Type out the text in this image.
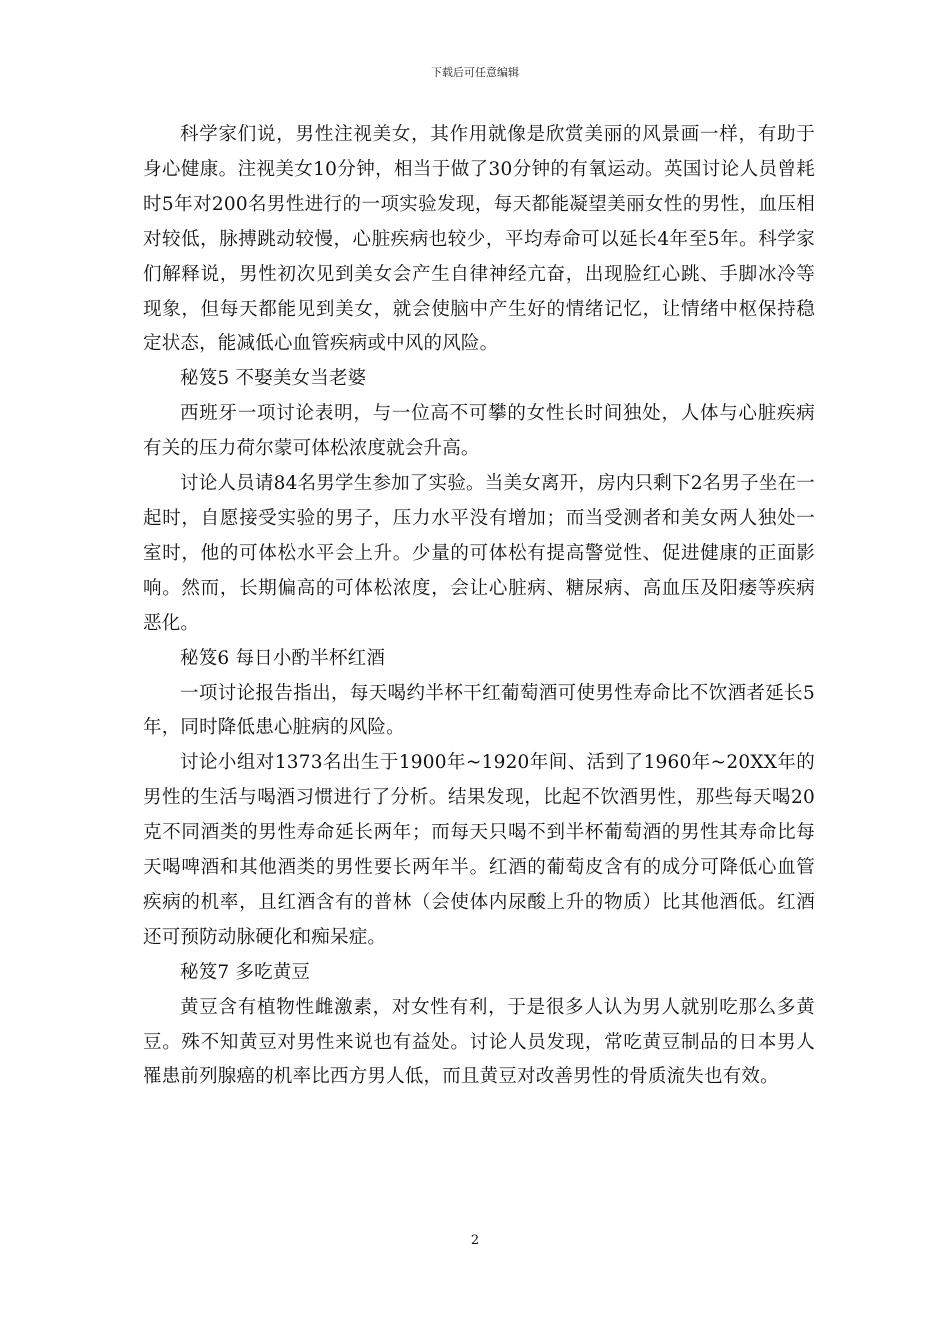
下载后可任意编辑

科学家们说，男性注视美女，其作用就像是欣赏美丽的风景画一样，有助于身心健康。注视美女10分钟，相当于做了30分钟的有氧运动。英国讨论人员曾耗时5年对200名男性进行的一项实验发现，每天都能凝望美丽女性的男性，血压相对较低，脉搏跳动较慢，心脏疾病也较少，平均寿命可以延长4年至5年。科学家们解释说，男性初次见到美女会产生自律神经亢奋，出现脸红心跳、手脚冰冷等现象，但每天都能见到美女，就会使脑中产生好的情绪记忆，让情绪中枢保持稳定状态，能减低心血管疾病或中风的风险。

秘笈5 不娶美女当老婆

西班牙一项讨论表明，与一位高不可攀的女性长时间独处，人体与心脏疾病有关的压力荷尔蒙可体松浓度就会升高。

讨论人员请84名男学生参加了实验。当美女离开，房内只剩下2名男子坐在一起时，自愿接受实验的男子，压力水平没有增加；而当受测者和美女两人独处一室时，他的可体松水平会上升。少量的可体松有提高警觉性、促进健康的正面影响。然而，长期偏高的可体松浓度，会让心脏病、糖尿病、高血压及阳痿等疾病恶化。

秘笈6 每日小酌半杯红酒

一项讨论报告指出，每天喝约半杯干红葡萄酒可使男性寿命比不饮酒者延长5年，同时降低患心脏病的风险。

讨论小组对1373名出生于1900年~1920年间、活到了1960年~20XX年的男性的生活与喝酒习惯进行了分析。结果发现，比起不饮酒男性，那些每天喝20克不同酒类的男性寿命延长两年；而每天只喝不到半杯葡萄酒的男性其寿命比每天喝啤酒和其他酒类的男性要长两年半。红酒的葡萄皮含有的成分可降低心血管疾病的机率，且红酒含有的普林（会使体内尿酸上升的物质）比其他酒低。红酒还可预防动脉硬化和痴呆症。

秘笈7 多吃黄豆

黄豆含有植物性雌激素，对女性有利，于是很多人认为男人就别吃那么多黄豆。殊不知黄豆对男性来说也有益处。讨论人员发现，常吃黄豆制品的日本男人罹患前列腺癌的机率比西方男人低，而且黄豆对改善男性的骨质流失也有效。

2
